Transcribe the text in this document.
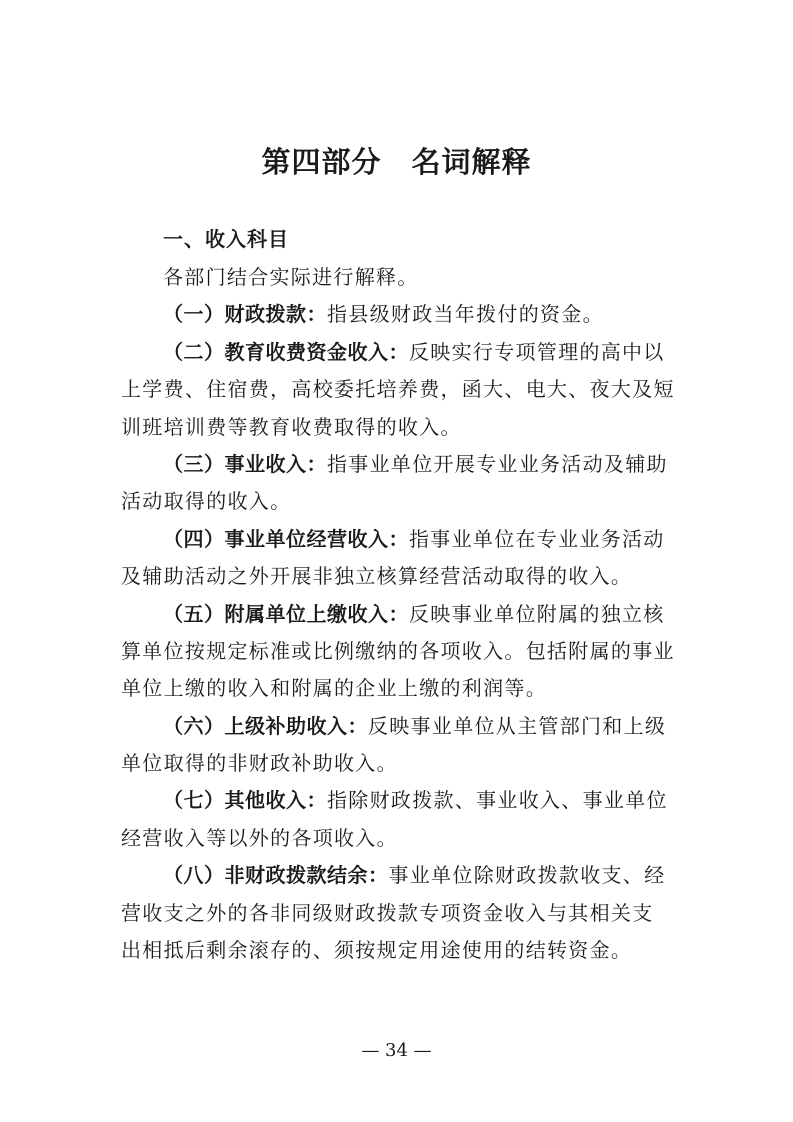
第四部分　名词解释
一、收入科目
各部门结合实际进行解释。
（一）财政拨款：指县级财政当年拨付的资金。
（二）教育收费资金收入：反映实行专项管理的高中以
上学费、住宿费，高校委托培养费，函大、电大、夜大及短
训班培训费等教育收费取得的收入。
（三）事业收入：指事业单位开展专业业务活动及辅助
活动取得的收入。
（四）事业单位经营收入：指事业单位在专业业务活动
及辅助活动之外开展非独立核算经营活动取得的收入。
（五）附属单位上缴收入：反映事业单位附属的独立核
算单位按规定标准或比例缴纳的各项收入。包括附属的事业
单位上缴的收入和附属的企业上缴的利润等。
（六）上级补助收入：反映事业单位从主管部门和上级
单位取得的非财政补助收入。
（七）其他收入：指除财政拨款、事业收入、事业单位
经营收入等以外的各项收入。
（八）非财政拨款结余：事业单位除财政拨款收支、经
营收支之外的各非同级财政拨款专项资金收入与其相关支
出相抵后剩余滚存的、须按规定用途使用的结转资金。
— 34 —
